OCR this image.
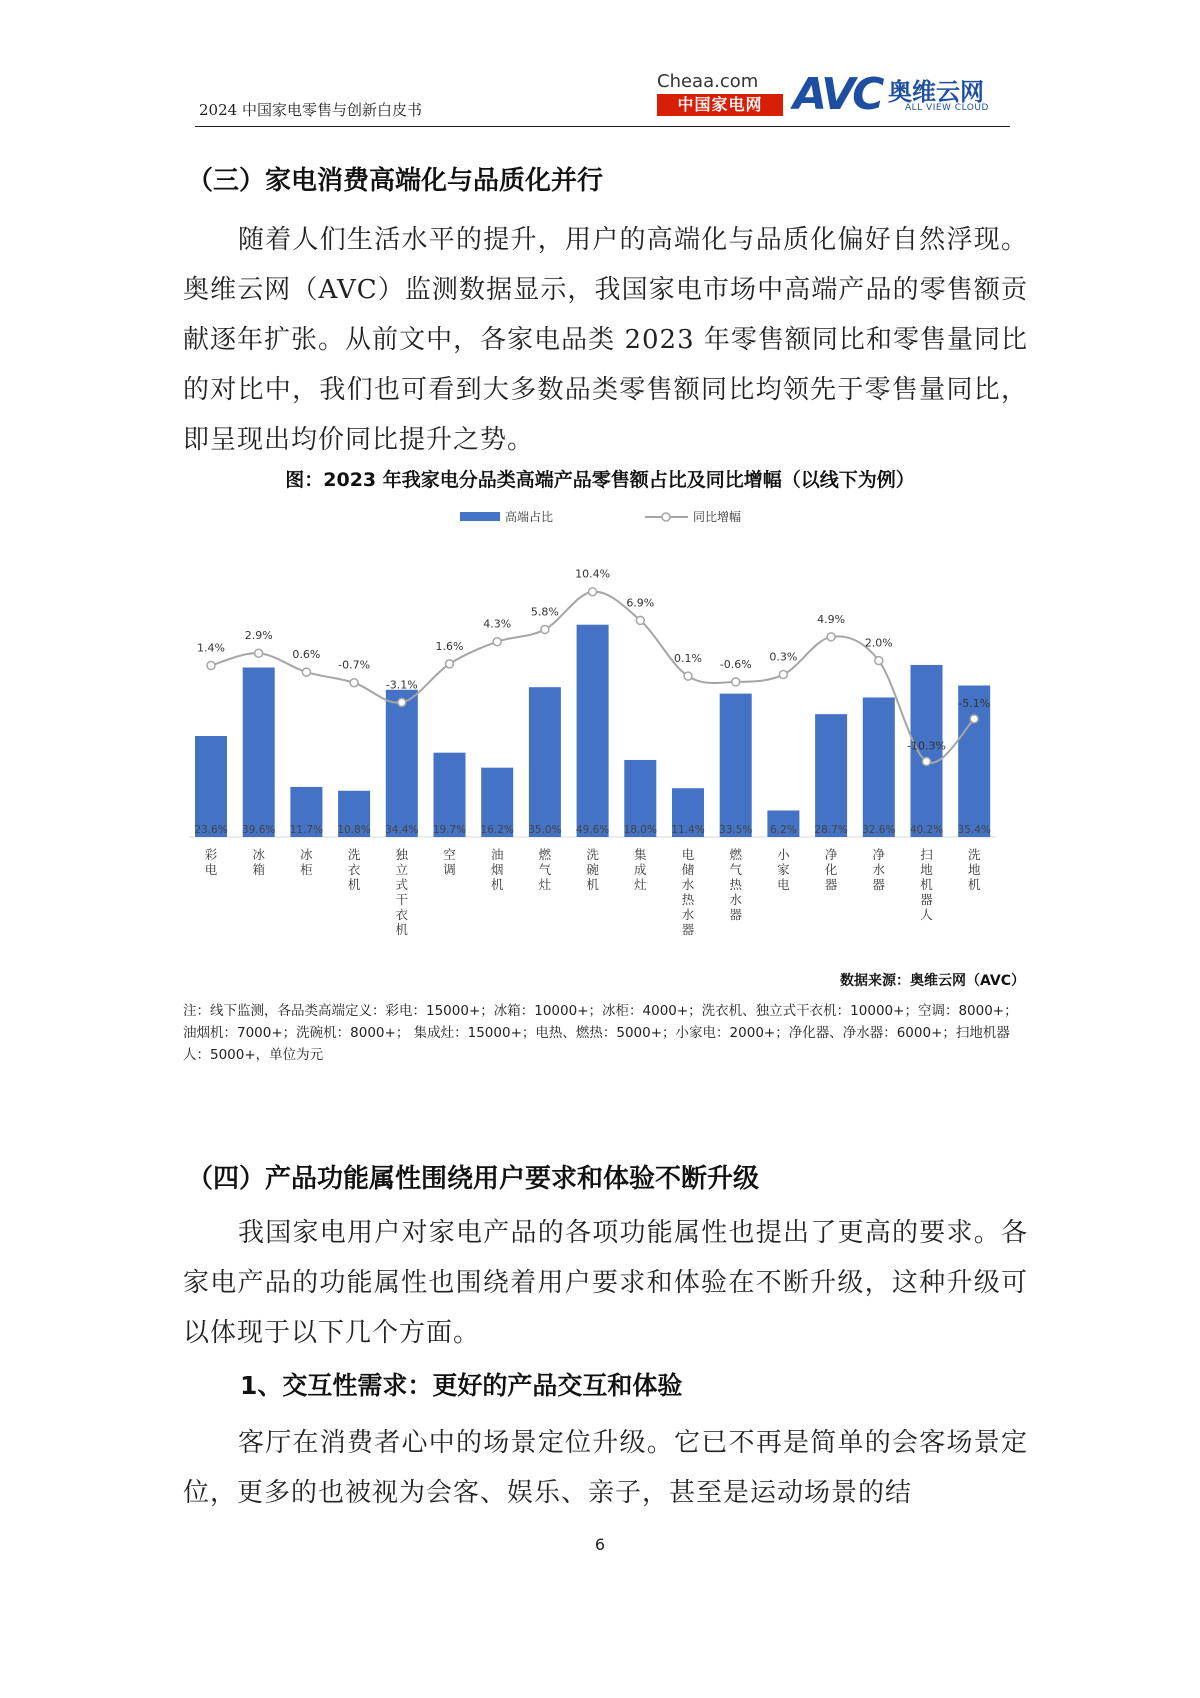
2024 中国家电零售与创新白皮书
Cheaa.com
中国家电网 AVC 奥维云网
ALL VIEW CLOUD
（三）家电消费高端化与品质化并行
随着人们生活水平的提升，用户的高端化与品质化偏好自然浮现。奥维云网（AVC）监测数据显示，我国家电市场中高端产品的零售额贡献逐年扩张。从前文中，各家电品类 2023 年零售额同比和零售量同比的对比中，我们也可看到大多数品类零售额同比均领先于零售量同比，即呈现出均价同比提升之势。
图：2023 年我家电分品类高端产品零售额占比及同比增幅（以线下为例）
高端占比	同比增幅
23.6%
彩电
39.6%
冰箱
11.7%
冰柜
10.8%
洗衣机
34.4%
独立式干衣机
19.7%
空调
16.2%
油烟机
35.0%
燃气灶
49.6%
洗碗机
18.0%
集成灶
11.4%
电储水热水器
33.5%
燃气热水器
6.2%
小家电
28.7%
净化器
32.6%
净水器
40.2%
扫地机器人
35.4%
洗地机
1.4%
2.9%
0.6%
-0.7%
-3.1%
1.6%
4.3%
5.8%
10.4%
6.9%
0.1% -0.6%
0.3%
4.9%
2.0%
-10.3%
-5.1%
数据来源：奥维云网（AVC）
注：线下监测，各品类高端定义：彩电：15000+；冰箱：10000+；冰柜：4000+；洗衣机、独立式干衣机：10000+；空调：8000+；油烟机：7000+；洗碗机：8000+； 集成灶：15000+；电热、燃热：5000+；小家电：2000+；净化器、净水器：6000+；扫地机器人：5000+，单位为元
（四）产品功能属性围绕用户要求和体验不断升级
我国家电用户对家电产品的各项功能属性也提出了更高的要求。各家电产品的功能属性也围绕着用户要求和体验在不断升级，这种升级可以体现于以下几个方面。
1、交互性需求：更好的产品交互和体验
客厅在消费者心中的场景定位升级。它已不再是简单的会客场景定位，更多的也被视为会客、娱乐、亲子，甚至是运动场景的结
6
